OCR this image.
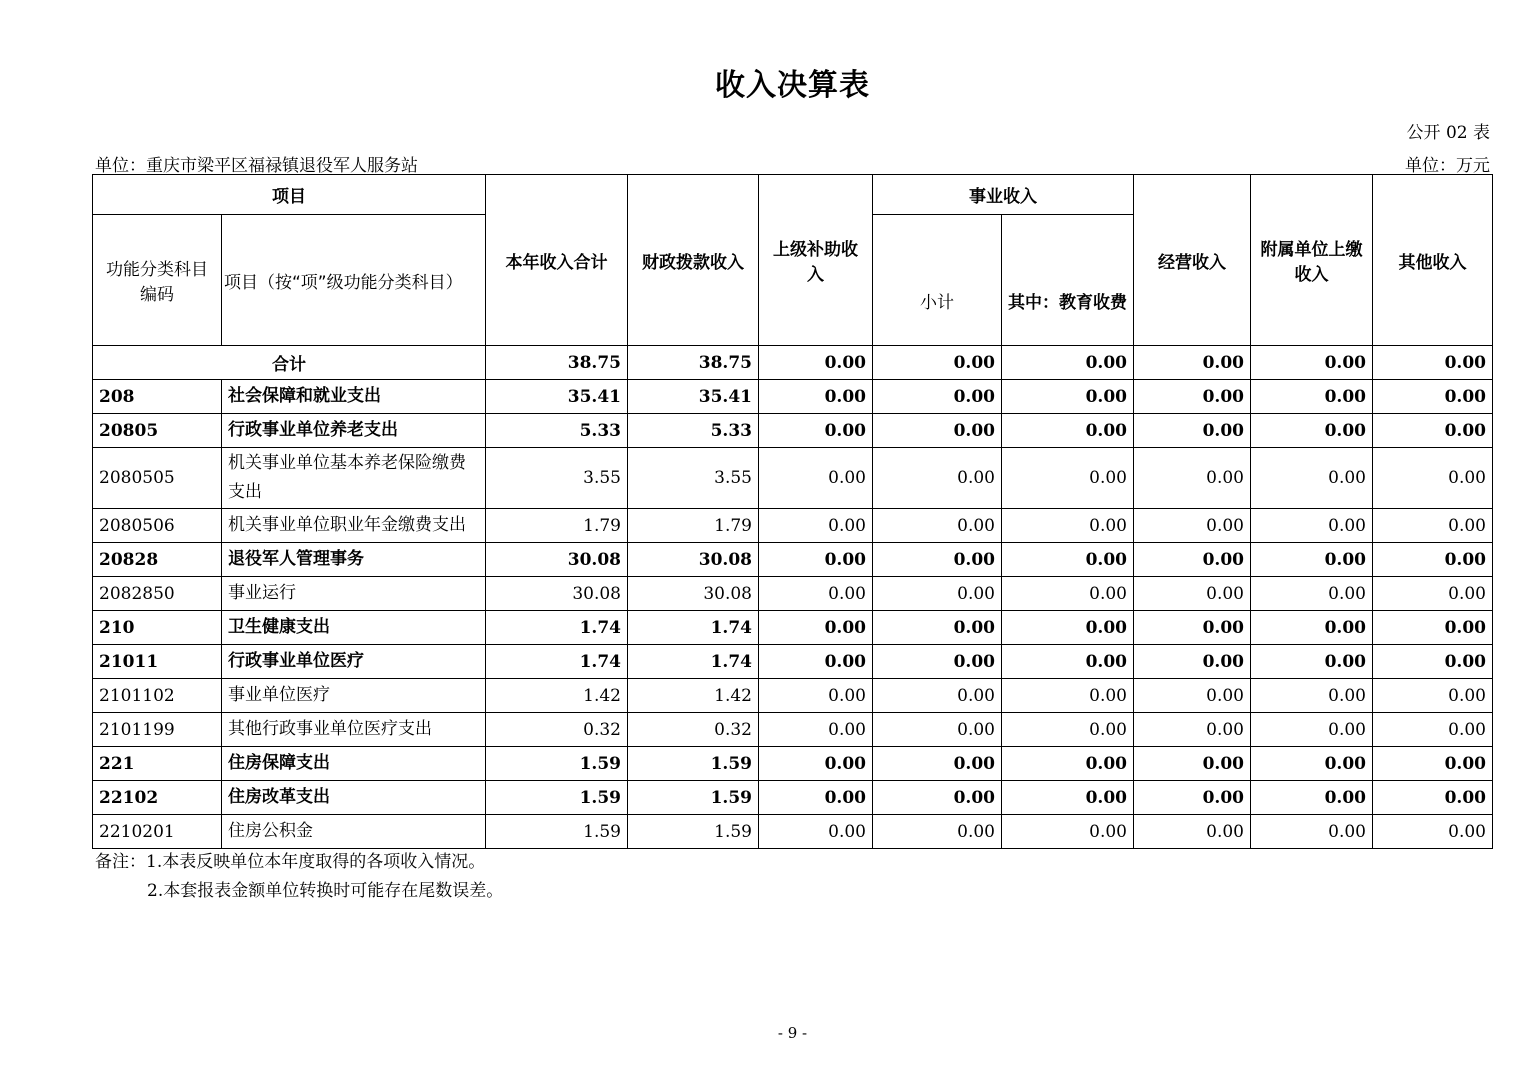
收入决算表
公开 02 表
单位：重庆市梁平区福禄镇退役军人服务站	单位：万元
项目		本年收入合计	财政拨款收入	上级补助收入	事业收入		经营收入	附属单位上缴收入	其他收入
功能分类科目编码	项目（按“项”级功能分类科目）				小计	其中：教育收费			
合计		38.75	38.75	0.00	0.00	0.00	0.00	0.00	0.00
208	社会保障和就业支出	35.41	35.41	0.00	0.00	0.00	0.00	0.00	0.00
20805	行政事业单位养老支出	5.33	5.33	0.00	0.00	0.00	0.00	0.00	0.00
2080505	机关事业单位基本养老保险缴费支出	3.55	3.55	0.00	0.00	0.00	0.00	0.00	0.00
2080506	机关事业单位职业年金缴费支出	1.79	1.79	0.00	0.00	0.00	0.00	0.00	0.00
20828	退役军人管理事务	30.08	30.08	0.00	0.00	0.00	0.00	0.00	0.00
2082850	事业运行	30.08	30.08	0.00	0.00	0.00	0.00	0.00	0.00
210	卫生健康支出	1.74	1.74	0.00	0.00	0.00	0.00	0.00	0.00
21011	行政事业单位医疗	1.74	1.74	0.00	0.00	0.00	0.00	0.00	0.00
2101102	事业单位医疗	1.42	1.42	0.00	0.00	0.00	0.00	0.00	0.00
2101199	其他行政事业单位医疗支出	0.32	0.32	0.00	0.00	0.00	0.00	0.00	0.00
221	住房保障支出	1.59	1.59	0.00	0.00	0.00	0.00	0.00	0.00
22102	住房改革支出	1.59	1.59	0.00	0.00	0.00	0.00	0.00	0.00
2210201	住房公积金	1.59	1.59	0.00	0.00	0.00	0.00	0.00	0.00
备注：1.本表反映单位本年度取得的各项收入情况。
2.本套报表金额单位转换时可能存在尾数误差。
- 9 -
